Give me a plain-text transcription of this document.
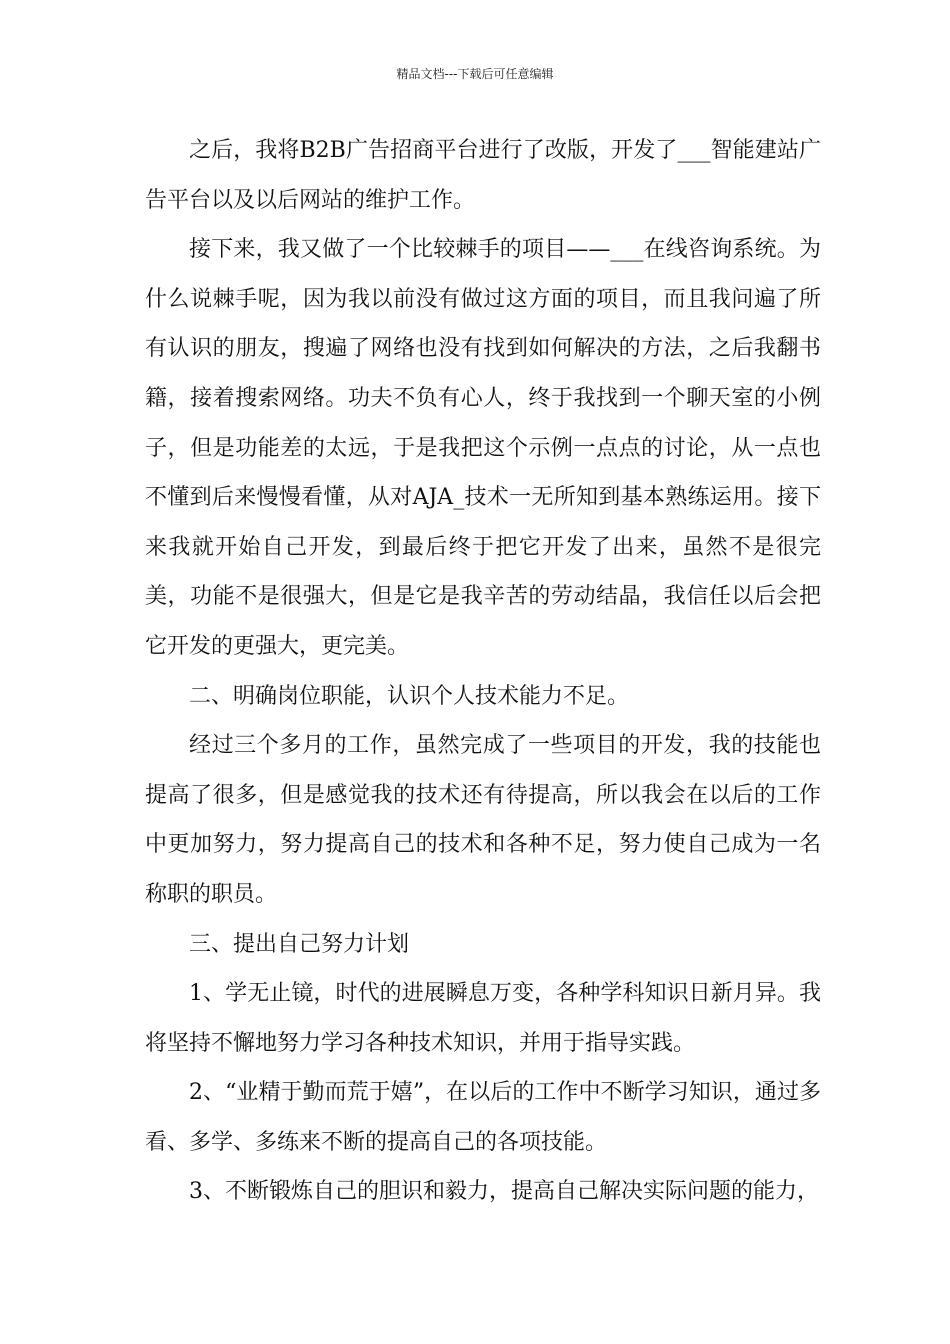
精品文档---下载后可任意编辑

之后，我将B2B广告招商平台进行了改版，开发了___智能建站广告平台以及以后网站的维护工作。

接下来，我又做了一个比较棘手的项目——___在线咨询系统。为什么说棘手呢，因为我以前没有做过这方面的项目，而且我问遍了所有认识的朋友，搜遍了网络也没有找到如何解决的方法，之后我翻书籍，接着搜索网络。功夫不负有心人，终于我找到一个聊天室的小例子，但是功能差的太远，于是我把这个示例一点点的讨论，从一点也不懂到后来慢慢看懂，从对AJA_技术一无所知到基本熟练运用。接下来我就开始自己开发，到最后终于把它开发了出来，虽然不是很完美，功能不是很强大，但是它是我辛苦的劳动结晶，我信任以后会把它开发的更强大，更完美。

二、明确岗位职能，认识个人技术能力不足。

经过三个多月的工作，虽然完成了一些项目的开发，我的技能也提高了很多，但是感觉我的技术还有待提高，所以我会在以后的工作中更加努力，努力提高自己的技术和各种不足，努力使自己成为一名称职的职员。

三、提出自己努力计划

1、学无止镜，时代的进展瞬息万变，各种学科知识日新月异。我将坚持不懈地努力学习各种技术知识，并用于指导实践。

2、“业精于勤而荒于嬉”，在以后的工作中不断学习知识，通过多看、多学、多练来不断的提高自己的各项技能。

3、不断锻炼自己的胆识和毅力，提高自己解决实际问题的能力，
